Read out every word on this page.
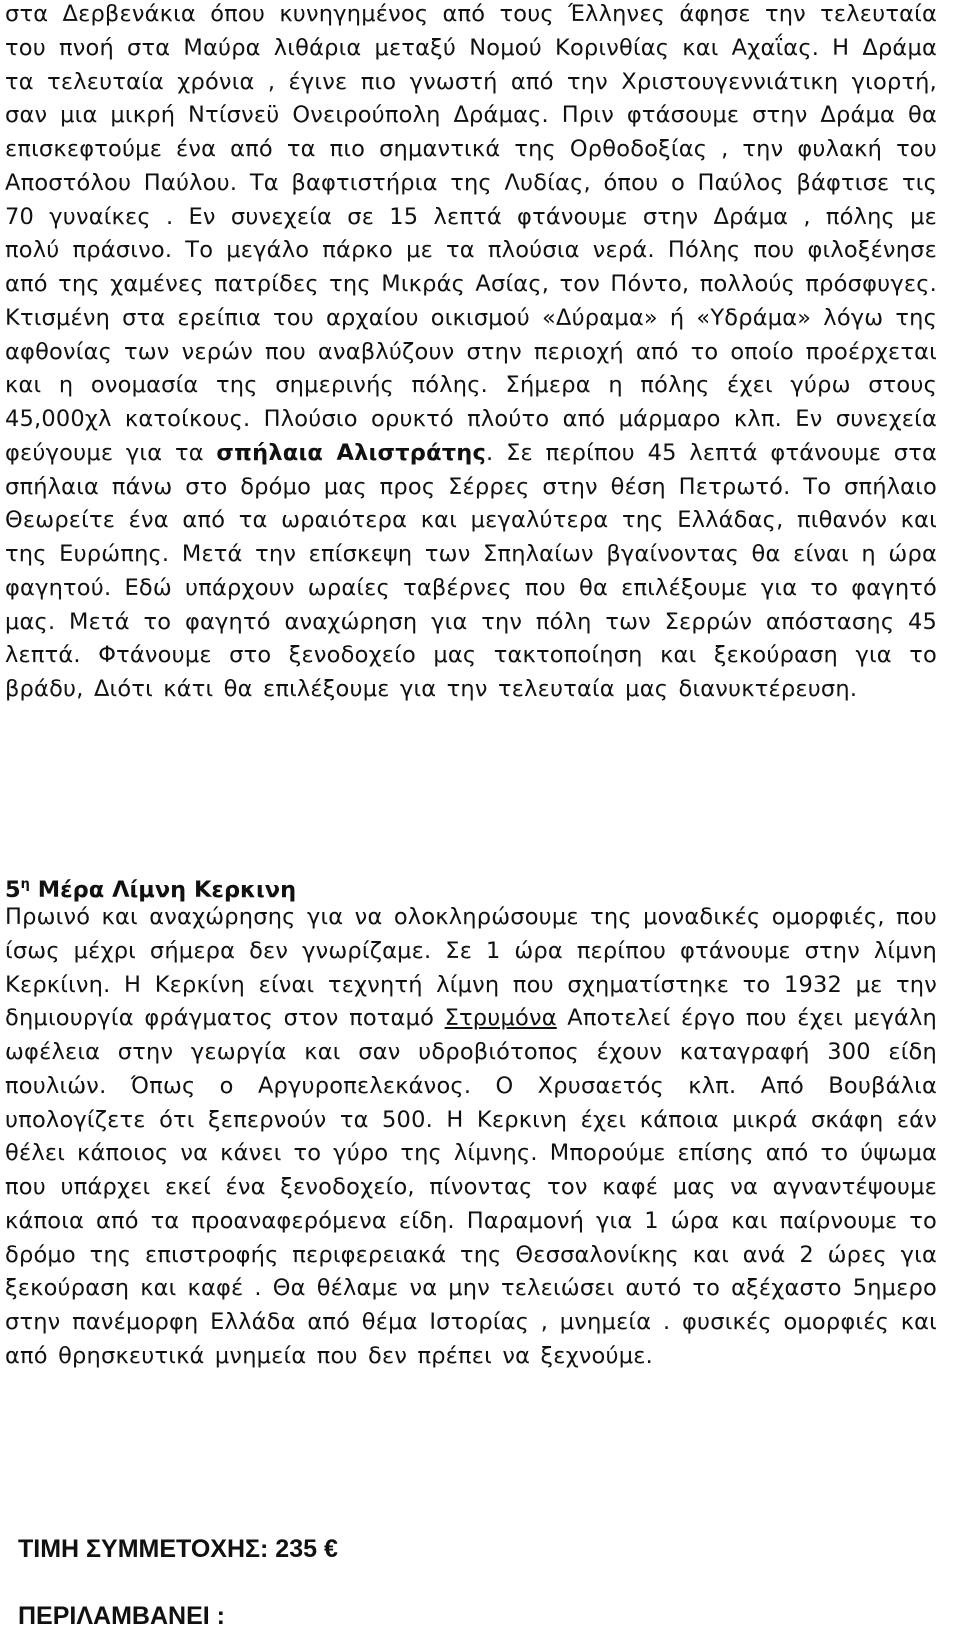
στα Δερβενάκια όπου κυνηγημένος από τους Έλληνες άφησε την τελευταία του πνοή στα Μαύρα λιθάρια μεταξύ Νομού Κορινθίας και Αχαΐας. Η Δράμα τα τελευταία χρόνια , έγινε πιο γνωστή από την Χριστουγεννιάτικη γιορτή, σαν μια μικρή Ντίσνεϋ Ονειρούπολη Δράμας. Πριν φτάσουμε στην Δράμα θα επισκεφτούμε ένα από τα πιο σημαντικά της Ορθοδοξίας , την φυλακή του Αποστόλου Παύλου. Τα βαφτιστήρια της Λυδίας, όπου ο Παύλος βάφτισε τις 70 γυναίκες . Εν συνεχεία σε 15 λεπτά φτάνουμε στην Δράμα , πόλης με πολύ πράσινο. Το μεγάλο πάρκο με τα πλούσια νερά. Πόλης που φιλοξένησε από της χαμένες πατρίδες της Μικράς Ασίας, τον Πόντο, πολλούς πρόσφυγες. Κτισμένη στα ερείπια του αρχαίου οικισμού «Δύραμα» ή «Υδράμα» λόγω της αφθονίας των νερών που αναβλύζουν στην περιοχή από το οποίο προέρχεται και η ονομασία της σημερινής πόλης. Σήμερα η πόλης έχει γύρω στους 45,000χλ κατοίκους. Πλούσιο ορυκτό πλούτο από μάρμαρο κλπ. Εν συνεχεία φεύγουμε για τα σπήλαια Αλιστράτης. Σε περίπου 45 λεπτά φτάνουμε στα σπήλαια πάνω στο δρόμο μας προς Σέρρες στην θέση Πετρωτό. Το σπήλαιο Θεωρείτε ένα από τα ωραιότερα και μεγαλύτερα της Ελλάδας, πιθανόν και της Ευρώπης. Μετά την επίσκεψη των Σπηλαίων βγαίνοντας θα είναι η ώρα φαγητού. Εδώ υπάρχουν ωραίες ταβέρνες που θα επιλέξουμε για το φαγητό μας. Μετά το φαγητό αναχώρηση για την πόλη των Σερρών απόστασης 45 λεπτά. Φτάνουμε στο ξενοδοχείο μας τακτοποίηση και ξεκούραση για το βράδυ, Διότι κάτι θα επιλέξουμε για την τελευταία μας διανυκτέρευση.

$5^\eta$ Μέρα Λίμνη Κερκινη

Πρωινό και αναχώρησης για να ολοκληρώσουμε της μοναδικές ομορφιές, που ίσως μέχρι σήμερα δεν γνωρίζαμε. Σε 1 ώρα περίπου φτάνουμε στην λίμνη Κερκίινη. Η Κερκίνη είναι τεχνητή λίμνη που σχηματίστηκε το 1932 με την δημιουργία φράγματος στον ποταμό Στρυμόνα Αποτελεί έργο που έχει μεγάλη ωφέλεια στην γεωργία και σαν υδροβιότοπος έχουν καταγραφή 300 είδη πουλιών. Όπως ο Αργυροπελεκάνος. Ο Χρυσαετός κλπ. Από Βουβάλια υπολογίζετε ότι ξεπερνούν τα 500. Η Κερκινη έχει κάποια μικρά σκάφη εάν θέλει κάποιος να κάνει το γύρο της λίμνης. Μπορούμε επίσης από το ύψωμα που υπάρχει εκεί ένα ξενοδοχείο, πίνοντας τον καφέ μας να αγναντέψουμε κάποια από τα προαναφερόμενα είδη. Παραμονή για 1 ώρα και παίρνουμε το δρόμο της επιστροφής περιφερειακά της Θεσσαλονίκης και ανά 2 ώρες για ξεκούραση και καφέ . Θα θέλαμε να μην τελειώσει αυτό το αξέχαστο 5ημερο στην πανέμορφη Ελλάδα από θέμα Ιστορίας , μνημεία . φυσικές ομορφιές και από θρησκευτικά μνημεία που δεν πρέπει να ξεχνούμε.

ΤΙΜΗ ΣΥΜΜΕΤΟΧΗΣ: 235 €

ΠΕΡΙΛΑΜΒΑΝΕΙ :
